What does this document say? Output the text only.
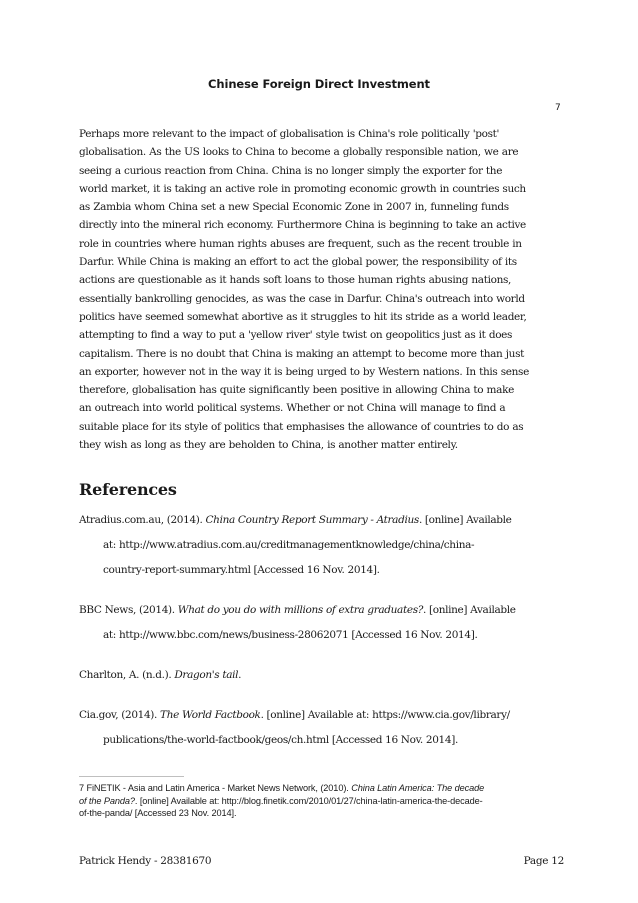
Chinese Foreign Direct Investment
7
Perhaps more relevant to the impact of globalisation is China's role politically 'post'
globalisation. As the US looks to China to become a globally responsible nation, we are
seeing a curious reaction from China. China is no longer simply the exporter for the
world market, it is taking an active role in promoting economic growth in countries such
as Zambia whom China set a new Special Economic Zone in 2007 in, funneling funds
directly into the mineral rich economy. Furthermore China is beginning to take an active
role in countries where human rights abuses are frequent, such as the recent trouble in
Darfur. While China is making an effort to act the global power, the responsibility of its
actions are questionable as it hands soft loans to those human rights abusing nations,
essentially bankrolling genocides, as was the case in Darfur. China's outreach into world
politics have seemed somewhat abortive as it struggles to hit its stride as a world leader,
attempting to find a way to put a 'yellow river' style twist on geopolitics just as it does
capitalism. There is no doubt that China is making an attempt to become more than just
an exporter, however not in the way it is being urged to by Western nations. In this sense
therefore, globalisation has quite significantly been positive in allowing China to make
an outreach into world political systems. Whether or not China will manage to find a
suitable place for its style of politics that emphasises the allowance of countries to do as
they wish as long as they are beholden to China, is another matter entirely.
References
Atradius.com.au, (2014). China Country Report Summary - Atradius. [online] Available
at: http://www.atradius.com.au/creditmanagementknowledge/china/china-
country-report-summary.html [Accessed 16 Nov. 2014].
BBC News, (2014). What do you do with millions of extra graduates?. [online] Available
at: http://www.bbc.com/news/business-28062071 [Accessed 16 Nov. 2014].
Charlton, A. (n.d.). Dragon's tail.
Cia.gov, (2014). The World Factbook. [online] Available at: https://www.cia.gov/library/
publications/the-world-factbook/geos/ch.html [Accessed 16 Nov. 2014].
7 FiNETIK - Asia and Latin America - Market News Network, (2010). China Latin America: The decade
of the Panda?. [online] Available at: http://blog.finetik.com/2010/01/27/china-latin-america-the-decade-
of-the-panda/ [Accessed 23 Nov. 2014].
Patrick Hendy - 28381670	Page 12
